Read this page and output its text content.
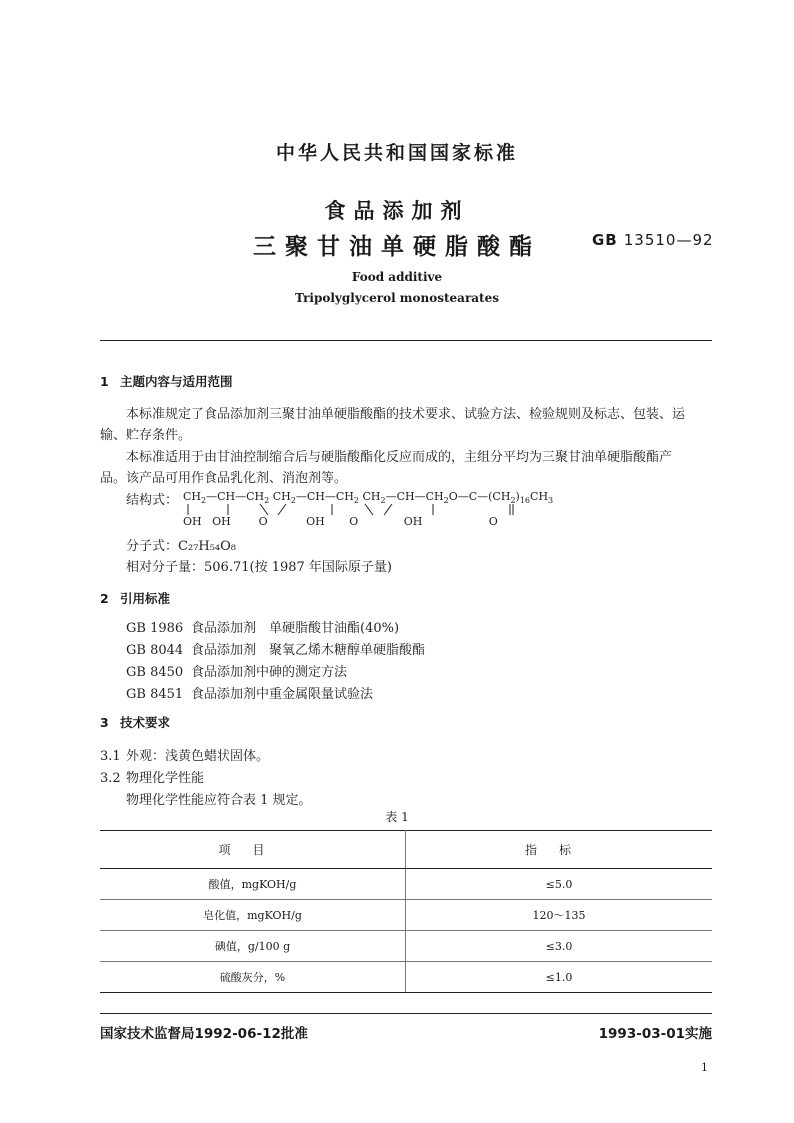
中华人民共和国国家标准
食品添加剂
三聚甘油单硬脂酸酯	GB 13510—92
Food additive
Tripolyglycerol monostearates
1 主题内容与适用范围
本标准规定了食品添加剂三聚甘油单硬脂酸酯的技术要求、试验方法、检验规则及标志、包装、运
输、贮存条件。
本标准适用于由甘油控制缩合后与硬脂酸酯化反应而成的，主组分平均为三聚甘油单硬脂酸酯产
品。该产品可用作食品乳化剂、消泡剂等。
结构式： $CH_2—CH—CH_2$ $CH_2—CH—CH_2$ $CH_2—CH—CH_2O—C—(CH_2)_{16}CH_3$
OH   OH        O           OH       O             OH                   O
分子式：C₂₇H₅₄O₈
相对分子量：506.71(按 1987 年国际原子量)
2 引用标准
GB 1986 食品添加剂　单硬脂酸甘油酯(40%)
GB 8044 食品添加剂　聚氧乙烯木糖醇单硬脂酸酯
GB 8450 食品添加剂中砷的测定方法
GB 8451 食品添加剂中重金属限量试验法
3 技术要求
3.1 外观：浅黄色蜡状固体。
3.2 物理化学性能
物理化学性能应符合表 1 规定。
表 1
项目	指标
酸值，mgKOH/g	≤5.0
皂化值，mgKOH/g	120～135
碘值，g/100 g	≤3.0
硫酸灰分，%	≤1.0
国家技术监督局1992-06-12批准	1993-03-01实施
1
